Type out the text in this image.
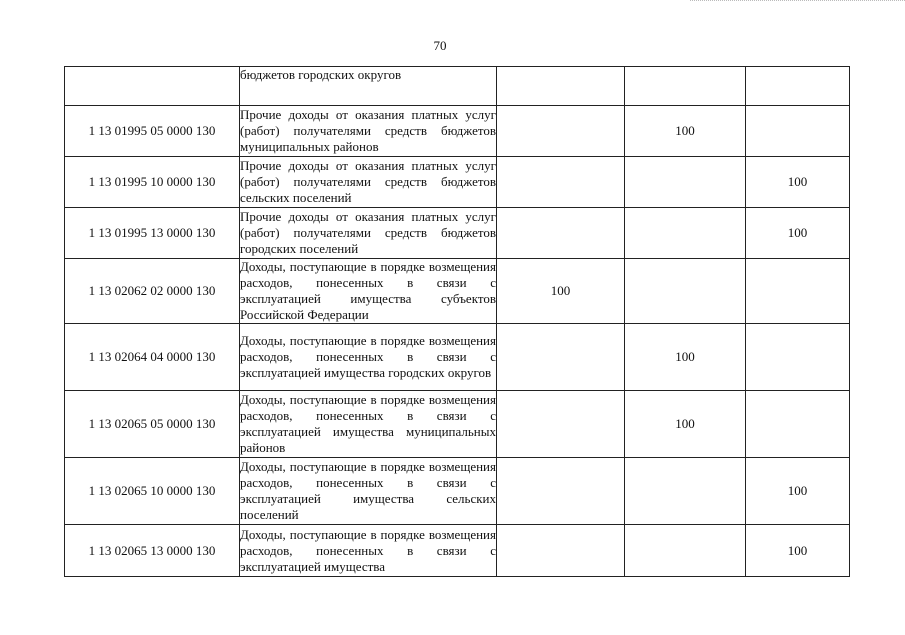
70

	бюджетов городских округов			

1 13 01995 05 0000 130	Прочие доходы от оказания платных услуг (работ) получателями средств бюджетов муниципальных районов		100	
1 13 01995 10 0000 130	Прочие доходы от оказания платных услуг (работ) получателями средств бюджетов сельских поселений			100
1 13 01995 13 0000 130	Прочие доходы от оказания платных услуг (работ) получателями средств бюджетов городских поселений			100
1 13 02062 02 0000 130	Доходы, поступающие в порядке возмещения расходов, понесенных в связи с эксплуатацией имущества субъектов Российской Федерации	100		
1 13 02064 04 0000 130	Доходы, поступающие в порядке возмещения расходов, понесенных в связи с эксплуатацией имущества городских округов		100	
1 13 02065 05 0000 130	Доходы, поступающие в порядке возмещения расходов, понесенных в связи с эксплуатацией имущества муниципальных районов		100	
1 13 02065 10 0000 130	Доходы, поступающие в порядке возмещения расходов, понесенных в связи с эксплуатацией имущества сельских поселений			100
1 13 02065 13 0000 130	Доходы, поступающие в порядке возмещения расходов, понесенных в связи с эксплуатацией имущества			100
